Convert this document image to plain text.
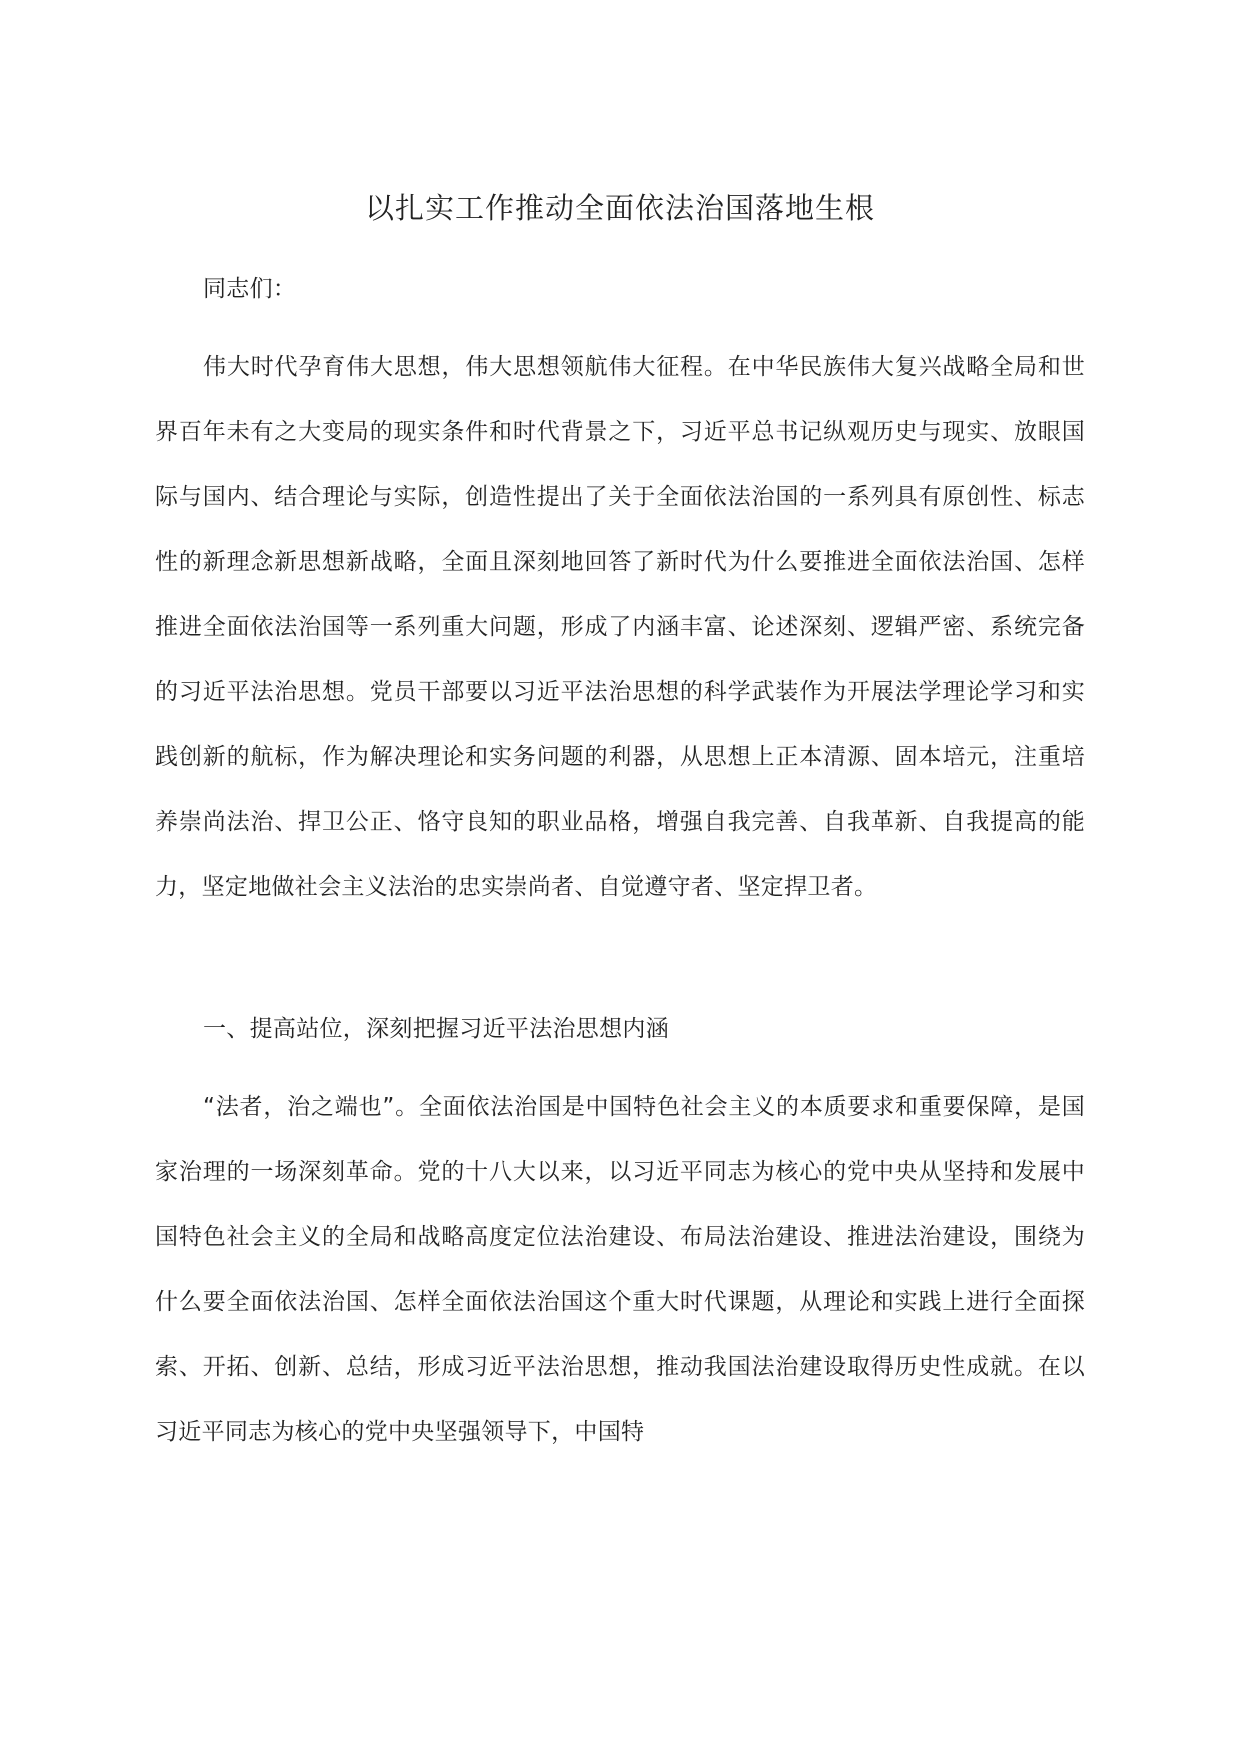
以扎实工作推动全面依法治国落地生根

同志们：

伟大时代孕育伟大思想，伟大思想领航伟大征程。在中华民族伟大复兴战略全局和世界百年未有之大变局的现实条件和时代背景之下，习近平总书记纵观历史与现实、放眼国际与国内、结合理论与实际，创造性提出了关于全面依法治国的一系列具有原创性、标志性的新理念新思想新战略，全面且深刻地回答了新时代为什么要推进全面依法治国、怎样推进全面依法治国等一系列重大问题，形成了内涵丰富、论述深刻、逻辑严密、系统完备的习近平法治思想。党员干部要以习近平法治思想的科学武装作为开展法学理论学习和实践创新的航标，作为解决理论和实务问题的利器，从思想上正本清源、固本培元，注重培养崇尚法治、捍卫公正、恪守良知的职业品格，增强自我完善、自我革新、自我提高的能力，坚定地做社会主义法治的忠实崇尚者、自觉遵守者、坚定捍卫者。

一、提高站位，深刻把握习近平法治思想内涵

“法者，治之端也”。全面依法治国是中国特色社会主义的本质要求和重要保障，是国家治理的一场深刻革命。党的十八大以来，以习近平同志为核心的党中央从坚持和发展中国特色社会主义的全局和战略高度定位法治建设、布局法治建设、推进法治建设，围绕为什么要全面依法治国、怎样全面依法治国这个重大时代课题，从理论和实践上进行全面探索、开拓、创新、总结，形成习近平法治思想，推动我国法治建设取得历史性成就。在以习近平同志为核心的党中央坚强领导下，中国特
